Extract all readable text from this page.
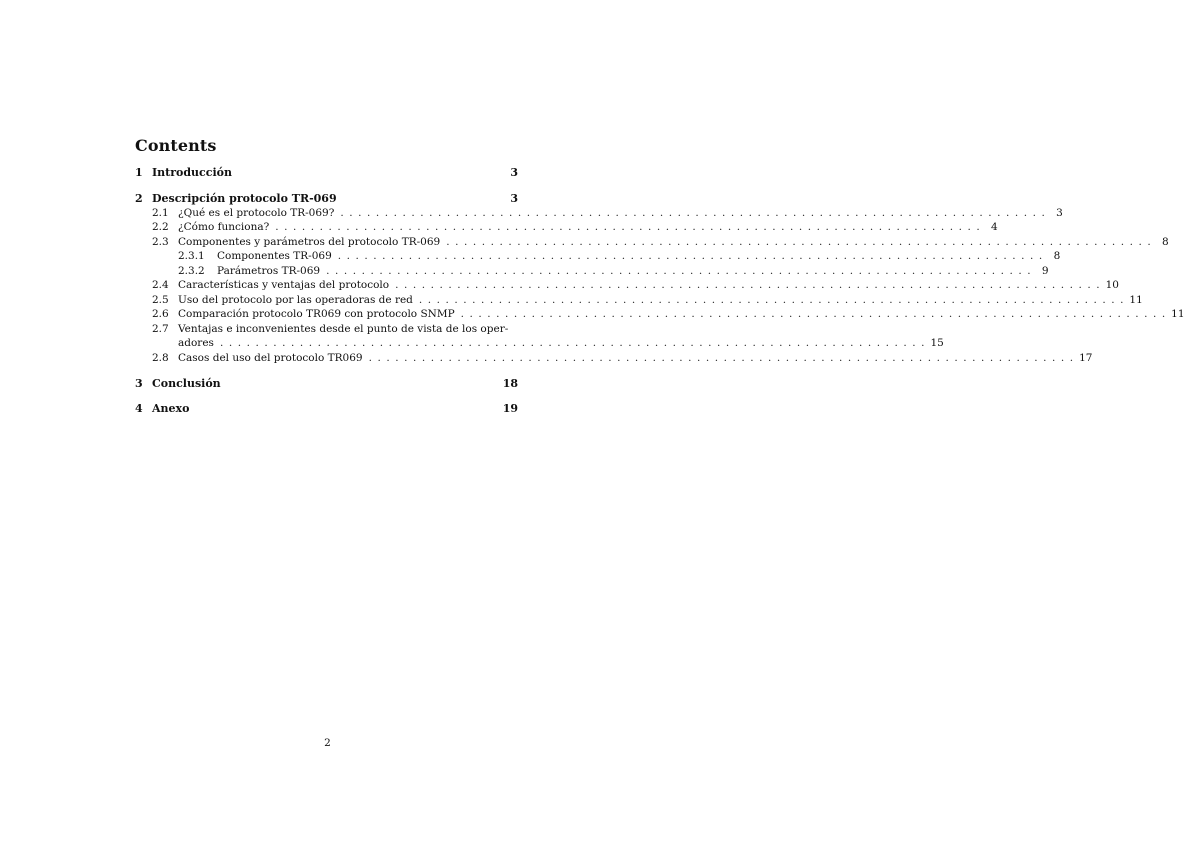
Contents
1 Introducción	3
2 Descripción protocolo TR-069	3
2.1 ¿Qué es el protocolo TR-069? . . .	3
2.2 ¿Cómo funciona? . . .	4
2.3 Componentes y parámetros del protocolo TR-069 . . .	8
2.3.1	Componentes TR-069 . . .	8
2.3.2	Parámetros TR-069 . . .	9
2.4 Características y ventajas del protocolo . . .	10
2.5 Uso del protocolo por las operadoras de red . . .	11
2.6 Comparación protocolo TR069 con protocolo SNMP . . .	11
2.7 Ventajas e inconvenientes desde el punto de vista de los oper-
adores . . .	15
2.8 Casos del uso del protocolo TR069 . . .	17
3 Conclusión	18
4 Anexo	19
2
